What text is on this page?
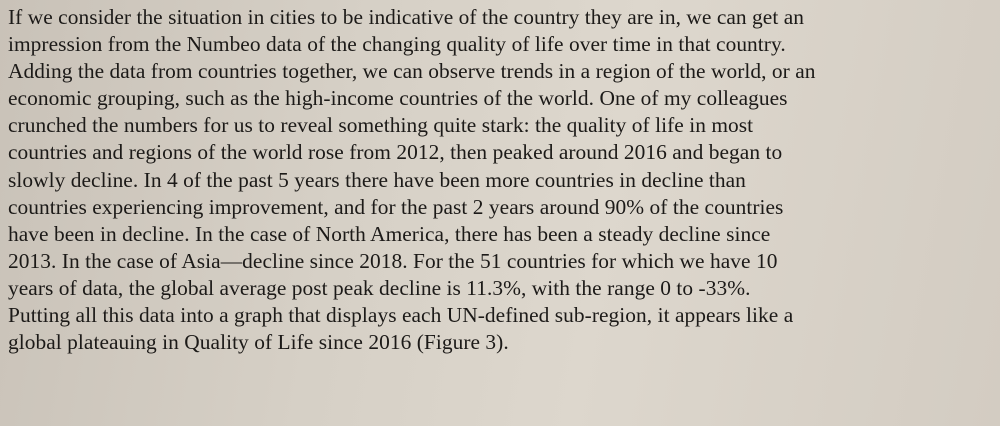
If we consider the situation in cities to be indicative of the country they are in, we can get an
impression from the Numbeo data of the changing quality of life over time in that country.
Adding the data from countries together, we can observe trends in a region of the world, or an
economic grouping, such as the high-income countries of the world. One of my colleagues
crunched the numbers for us to reveal something quite stark: the quality of life in most
countries and regions of the world rose from 2012, then peaked around 2016 and began to
slowly decline. In 4 of the past 5 years there have been more countries in decline than
countries experiencing improvement, and for the past 2 years around 90% of the countries
have been in decline. In the case of North America, there has been a steady decline since
2013. In the case of Asia—decline since 2018. For the 51 countries for which we have 10
years of data, the global average post peak decline is 11.3%, with the range 0 to -33%.
Putting all this data into a graph that displays each UN-defined sub-region, it appears like a
global plateauing in Quality of Life since 2016 (Figure 3).
